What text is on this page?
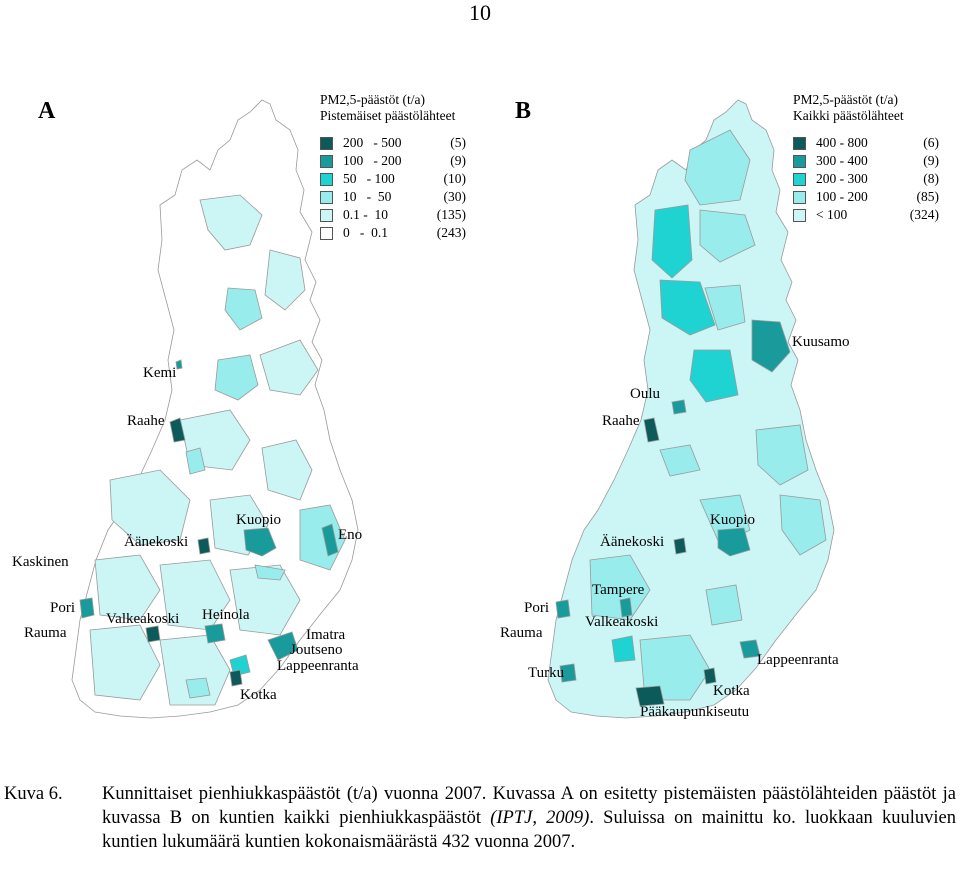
10
A	PM2,5-päästöt (t/a)
Pistemäiset päästölähteet
200   - 500	(5)
100   - 200	(9)
50   - 100	(10)
10   -  50	(30)
0.1 -  10	(135)
0   -  0.1	(243)
Kemi
Raahe
Kuopio
Eno
Äänekoski
Kaskinen
Pori
Valkeakoski Heinola
Rauma	Imatra
Joutseno
Lappeenranta
Kotka
B	PM2,5-päästöt (t/a)
Kaikki päästölähteet
400 - 800	(6)
300 - 400	(9)
200 - 300	(8)
100 - 200	(85)
< 100	(324)
Kuusamo
Oulu
Raahe
Kuopio
Äänekoski
Tampere
Pori
Valkeakoski
Rauma
Lappeenranta
Turku
Kotka
Pääkaupunkiseutu
Kuva 6. Kunnittaiset pienhiukkaspäästöt (t/a) vuonna 2007. Kuvassa A on esitetty pistemäisten päästölähteiden päästöt ja kuvassa B on kuntien kaikki pienhiukkaspäästöt (IPTJ, 2009). Suluissa on mainittu ko. luokkaan kuuluvien kuntien lukumäärä kuntien kokonaismäärästä 432 vuonna 2007.
